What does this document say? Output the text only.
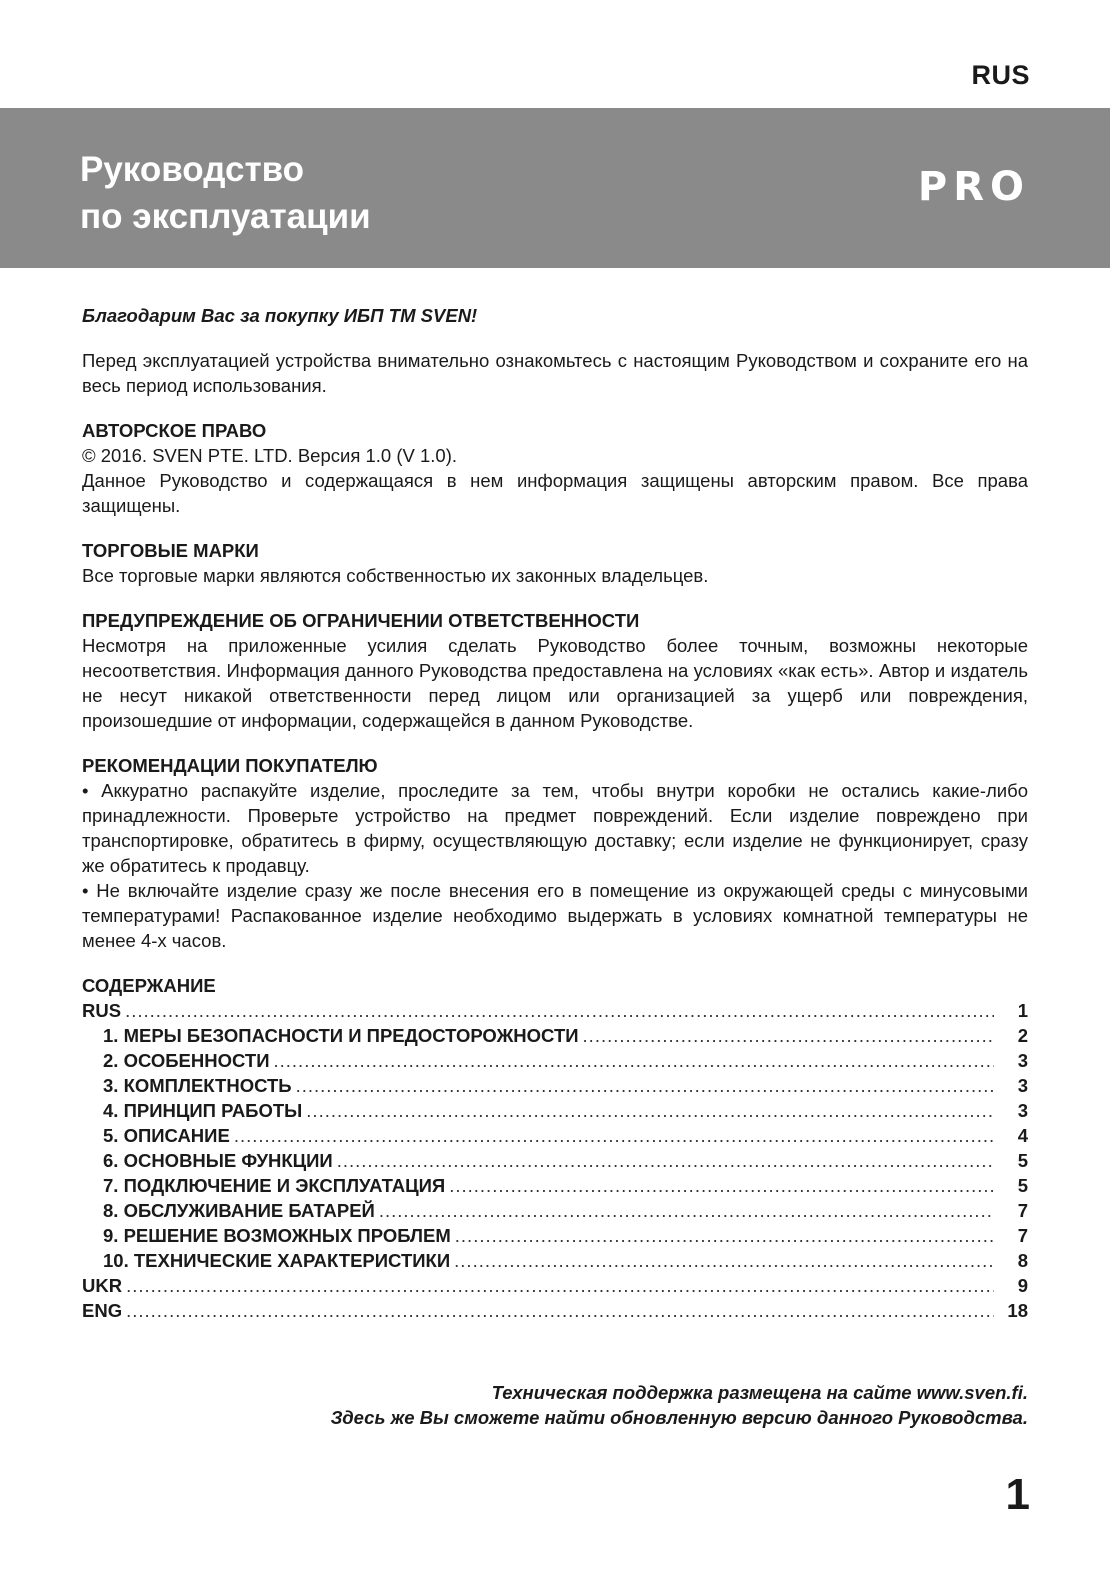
RUS
Руководство
по эксплуатации
PRO

Благодарим Вас за покупку ИБП ТМ SVEN!

Перед эксплуатацией устройства внимательно ознакомьтесь с настоящим Руководством и сохраните его на весь период использования.

АВТОРСКОЕ ПРАВО

© 2016. SVEN PTE. LTD. Версия 1.0 (V 1.0).

Данное Руководство и содержащаяся в нем информация защищены авторским правом. Все права защищены.

ТОРГОВЫЕ МАРКИ

Все торговые марки являются собственностью их законных владельцев.

ПРЕДУПРЕЖДЕНИЕ ОБ ОГРАНИЧЕНИИ ОТВЕТСТВЕННОСТИ

Несмотря на приложенные усилия сделать Руководство более точным, возможны некоторые несоответствия. Информация данного Руководства предоставлена на условиях «как есть». Автор и издатель не несут никакой ответственности перед лицом или организацией за ущерб или повреждения, произошедшие от информации, содержащейся в данном Руководстве.

РЕКОМЕНДАЦИИ ПОКУПАТЕЛЮ

• Аккуратно распакуйте изделие, проследите за тем, чтобы внутри коробки не остались какие-либо принадлежности. Проверьте устройство на предмет повреждений. Если изделие повреждено при транспортировке, обратитесь в фирму, осуществляющую доставку; если изделие не функционирует, сразу же обратитесь к продавцу.

• Не включайте изделие сразу же после внесения его в помещение из окружающей среды с минусовыми температурами! Распакованное изделие необходимо выдержать в условиях комнатной температуры не менее 4-х часов.

СОДЕРЖАНИЕ
RUS .....	1
1. МЕРЫ БЕЗОПАСНОСТИ И ПРЕДОСТОРОЖНОСТИ .....	2
2. ОСОБЕННОСТИ .....	3
3. КОМПЛЕКТНОСТЬ .....	3
4. ПРИНЦИП РАБОТЫ .....	3
5. ОПИСАНИЕ .....	4
6. ОСНОВНЫЕ ФУНКЦИИ .....	5
7. ПОДКЛЮЧЕНИЕ И ЭКСПЛУАТАЦИЯ .....	5
8. ОБСЛУЖИВАНИЕ БАТАРЕЙ .....	7
9. РЕШЕНИЕ ВОЗМОЖНЫХ ПРОБЛЕМ .....	7
10. ТЕХНИЧЕСКИЕ ХАРАКТЕРИСТИКИ .....	8
UKR .....	9
ENG .....	18
Техническая поддержка размещена на сайте www.sven.fi.
Здесь же Вы сможете найти обновленную версию данного Руководства.
1
